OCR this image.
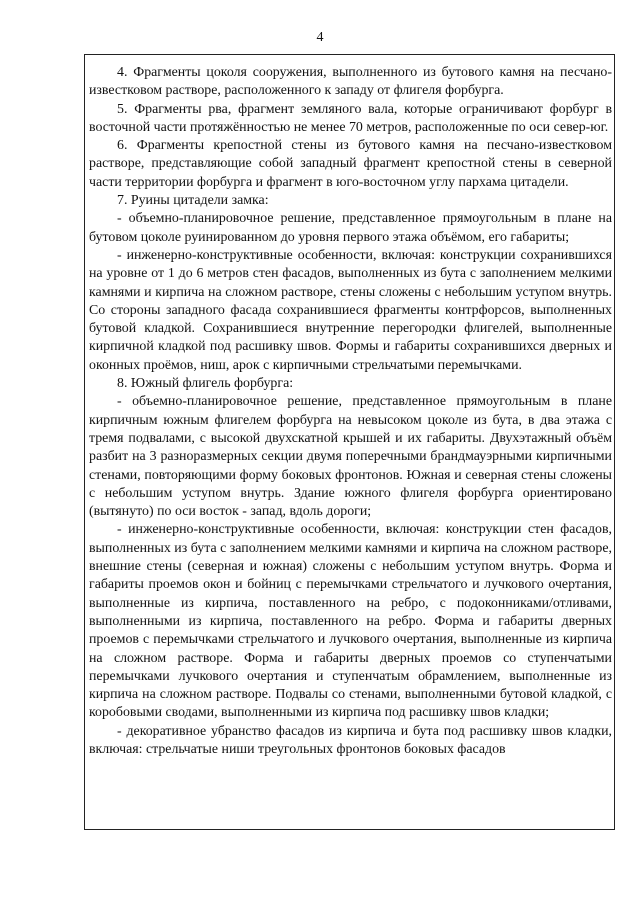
4

4. Фрагменты цоколя сооружения, выполненного из бутового камня на песчано-известковом растворе, расположенного к западу от флигеля форбурга.

5. Фрагменты рва, фрагмент земляного вала, которые ограничивают форбург в восточной части протяжённостью не менее 70 метров, расположенные по оси север-юг.

6. Фрагменты крепостной стены из бутового камня на песчано-известковом растворе, представляющие собой западный фрагмент крепостной стены в северной части территории форбурга и фрагмент в юго-восточном углу пархама цитадели.

7. Руины цитадели замка:

- объемно-планировочное решение, представленное прямоугольным в плане на бутовом цоколе руинированном до уровня первого этажа объёмом, его габариты;

- инженерно-конструктивные особенности, включая: конструкции сохранившихся на уровне от 1 до 6 метров стен фасадов, выполненных из бута с заполнением мелкими камнями и кирпича на сложном растворе, стены сложены с небольшим уступом внутрь. Со стороны западного фасада сохранившиеся фрагменты контрфорсов, выполненных бутовой кладкой. Сохранившиеся внутренние перегородки флигелей, выполненные кирпичной кладкой под расшивку швов. Формы и габариты сохранившихся дверных и оконных проёмов, ниш, арок с кирпичными стрельчатыми перемычками.

8. Южный флигель форбурга:

- объемно-планировочное решение, представленное прямоугольным в плане кирпичным южным флигелем форбурга на невысоком цоколе из бута, в два этажа с тремя подвалами, с высокой двухскатной крышей и их габариты. Двухэтажный объём разбит на 3 разноразмерных секции двумя поперечными брандмауэрными кирпичными стенами, повторяющими форму боковых фронтонов. Южная и северная стены сложены с небольшим уступом внутрь. Здание южного флигеля форбурга ориентировано (вытянуто) по оси восток - запад, вдоль дороги;

- инженерно-конструктивные особенности, включая: конструкции стен фасадов, выполненных из бута с заполнением мелкими камнями и кирпича на сложном растворе, внешние стены (северная и южная) сложены с небольшим уступом внутрь. Форма и габариты проемов окон и бойниц с перемычками стрельчатого и лучкового очертания, выполненные из кирпича, поставленного на ребро, с подоконниками/отливами, выполненными из кирпича, поставленного на ребро. Форма и габариты дверных проемов с перемычками стрельчатого и лучкового очертания, выполненные из кирпича на сложном растворе. Форма и габариты дверных проемов со ступенчатыми перемычками лучкового очертания и ступенчатым обрамлением, выполненные из кирпича на сложном растворе. Подвалы со стенами, выполненными бутовой кладкой, с коробовыми сводами, выполненными из кирпича под расшивку швов кладки;

- декоративное убранство фасадов из кирпича и бута под расшивку швов кладки, включая: стрельчатые ниши треугольных фронтонов боковых фасадов
